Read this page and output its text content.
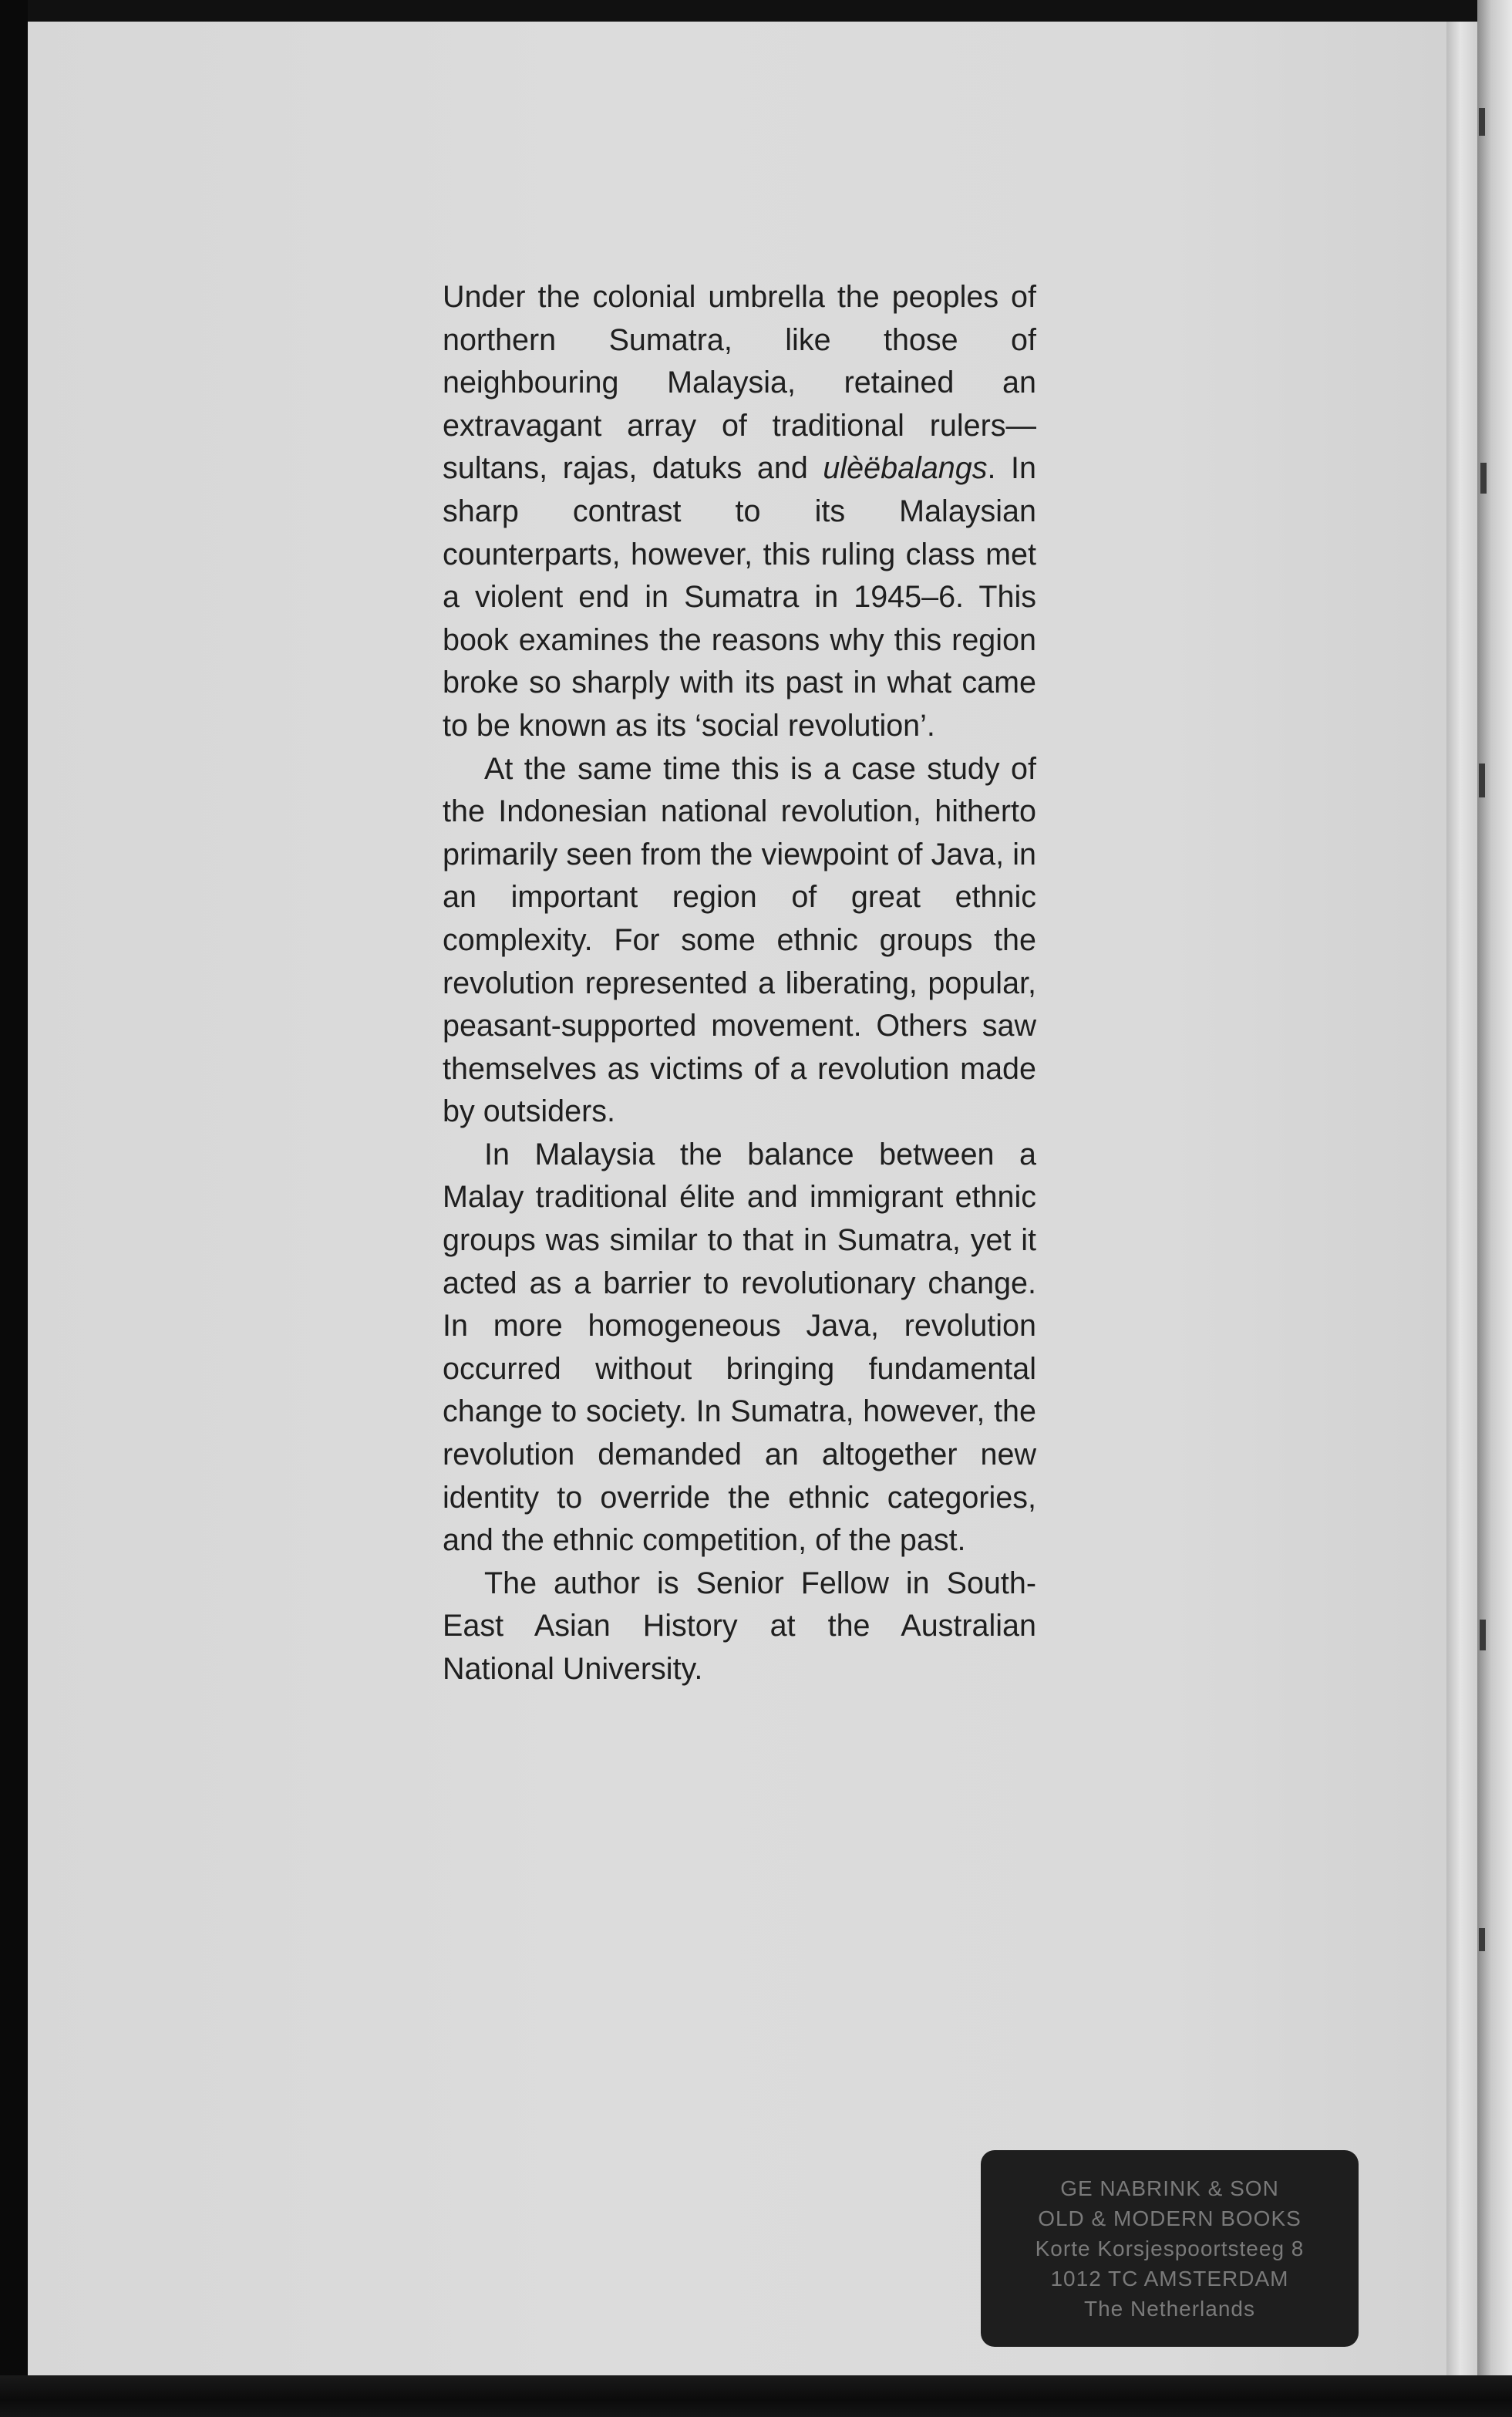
Under the colonial umbrella the peoples of northern Sumatra, like those of neighbouring Malaysia, retained an extravagant array of traditional rulers—sultans, rajas, datuks and ulèëbalangs. In sharp contrast to its Malaysian counterparts, however, this ruling class met a violent end in Sumatra in 1945–6. This book examines the reasons why this region broke so sharply with its past in what came to be known as its ‘social revolution’.

At the same time this is a case study of the Indonesian national revolution, hitherto primarily seen from the viewpoint of Java, in an important region of great ethnic complexity. For some ethnic groups the revolution represented a liberating, popular, peasant-supported movement. Others saw themselves as victims of a revolution made by outsiders.

In Malaysia the balance between a Malay traditional élite and immigrant ethnic groups was similar to that in Sumatra, yet it acted as a barrier to revolutionary change. In more homogeneous Java, revolution occurred without bringing fundamental change to society. In Sumatra, however, the revolution demanded an altogether new identity to override the ethnic categories, and the ethnic competition, of the past.

The author is Senior Fellow in South-East Asian History at the Australian National University.

GE NABRINK & SON
OLD & MODERN BOOKS
Korte Korsjespoortsteeg 8
1012 TC AMSTERDAM
The Netherlands
